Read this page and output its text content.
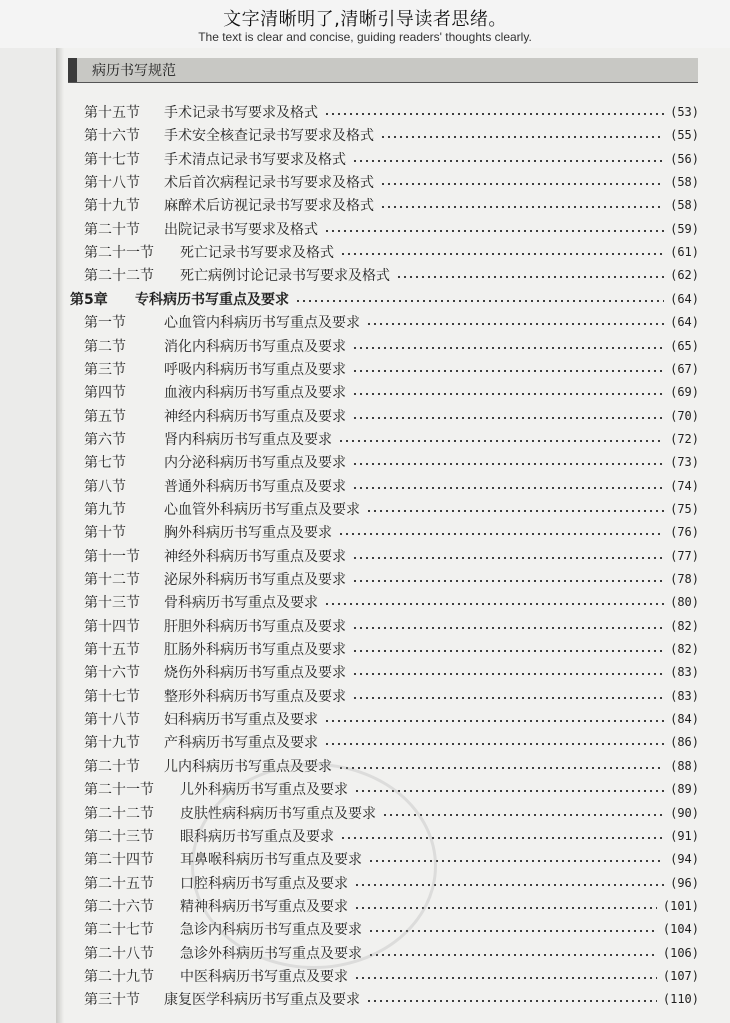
文字清晰明了,清晰引导读者思绪。
The text is clear and concise, guiding readers' thoughts clearly.
病历书写规范
第十五节	手术记录书写要求及格式	(53)
第十六节	手术安全核查记录书写要求及格式	(55)
第十七节	手术清点记录书写要求及格式	(56)
第十八节	术后首次病程记录书写要求及格式	(58)
第十九节	麻醉术后访视记录书写要求及格式	(58)
第二十节	出院记录书写要求及格式	(59)
第二十一节	死亡记录书写要求及格式	(61)
第二十二节	死亡病例讨论记录书写要求及格式	(62)
第5章	专科病历书写重点及要求	(64)
第一节	心血管内科病历书写重点及要求	(64)
第二节	消化内科病历书写重点及要求	(65)
第三节	呼吸内科病历书写重点及要求	(67)
第四节	血液内科病历书写重点及要求	(69)
第五节	神经内科病历书写重点及要求	(70)
第六节	肾内科病历书写重点及要求	(72)
第七节	内分泌科病历书写重点及要求	(73)
第八节	普通外科病历书写重点及要求	(74)
第九节	心血管外科病历书写重点及要求	(75)
第十节	胸外科病历书写重点及要求	(76)
第十一节	神经外科病历书写重点及要求	(77)
第十二节	泌尿外科病历书写重点及要求	(78)
第十三节	骨科病历书写重点及要求	(80)
第十四节	肝胆外科病历书写重点及要求	(82)
第十五节	肛肠外科病历书写重点及要求	(82)
第十六节	烧伤外科病历书写重点及要求	(83)
第十七节	整形外科病历书写重点及要求	(83)
第十八节	妇科病历书写重点及要求	(84)
第十九节	产科病历书写重点及要求	(86)
第二十节	儿内科病历书写重点及要求	(88)
第二十一节	儿外科病历书写重点及要求	(89)
第二十二节	皮肤性病科病历书写重点及要求	(90)
第二十三节	眼科病历书写重点及要求	(91)
第二十四节	耳鼻喉科病历书写重点及要求	(94)
第二十五节	口腔科病历书写重点及要求	(96)
第二十六节	精神科病历书写重点及要求	(101)
第二十七节	急诊内科病历书写重点及要求	(104)
第二十八节	急诊外科病历书写重点及要求	(106)
第二十九节	中医科病历书写重点及要求	(107)
第三十节	康复医学科病历书写重点及要求	(110)
